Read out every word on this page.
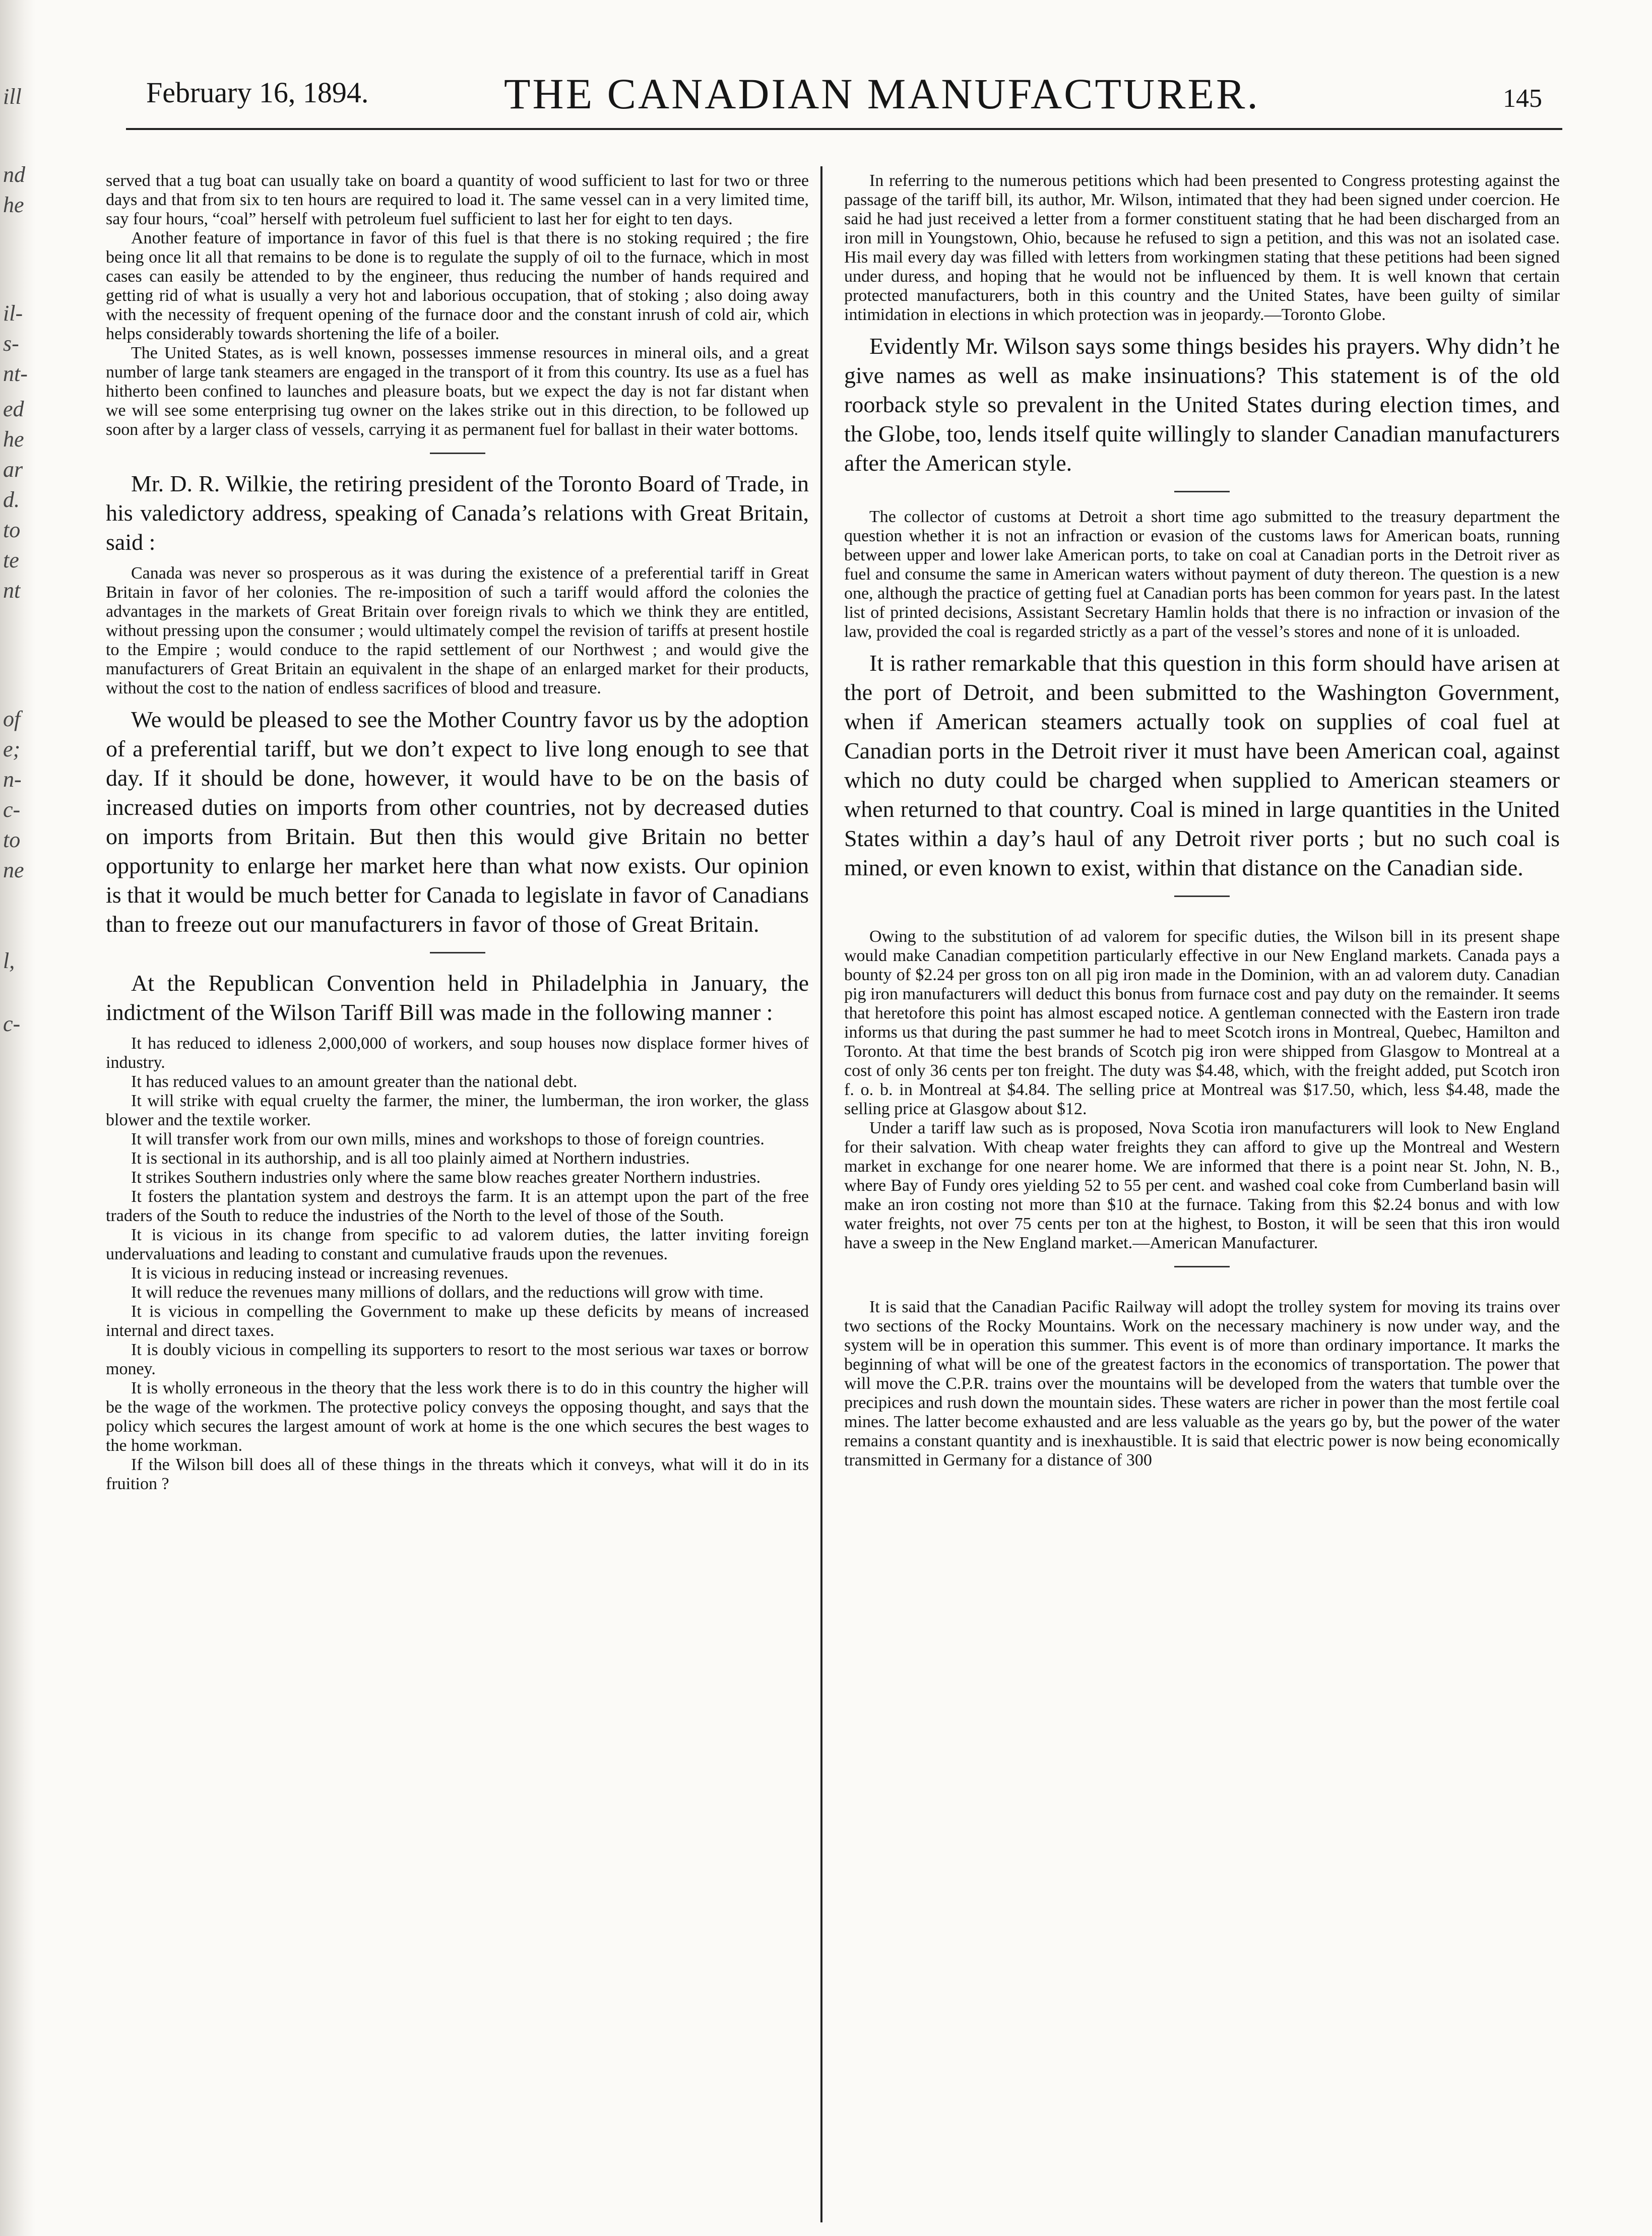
ill
nd
he
il-
s-
nt-
ed
he
ar
d.
to
te
nt
of
e;
n-
c-
to
ne
l,
c-
February 16, 1894.	THE CANADIAN MANUFACTURER.	145

served that a tug boat can usually take on board a quantity of wood sufficient to last for two or three days and that from six to ten hours are required to load it. The same vessel can in a very limited time, say four hours, “coal” herself with petroleum fuel sufficient to last her for eight to ten days.

Another feature of importance in favor of this fuel is that there is no stoking required ; the fire being once lit all that remains to be done is to regulate the supply of oil to the furnace, which in most cases can easily be attended to by the engineer, thus reducing the number of hands required and getting rid of what is usually a very hot and laborious occupation, that of stoking ; also doing away with the necessity of frequent opening of the furnace door and the constant inrush of cold air, which helps considerably towards shortening the life of a boiler.

The United States, as is well known, possesses immense resources in mineral oils, and a great number of large tank steamers are engaged in the transport of it from this country. Its use as a fuel has hitherto been confined to launches and pleasure boats, but we expect the day is not far distant when we will see some enterprising tug owner on the lakes strike out in this direction, to be followed up soon after by a larger class of vessels, carrying it as permanent fuel for ballast in their water bottoms.

Mr. D. R. Wilkie, the retiring president of the Toronto Board of Trade, in his valedictory address, speaking of Canada’s relations with Great Britain, said :

Canada was never so prosperous as it was during the existence of a preferential tariff in Great Britain in favor of her colonies. The re-imposition of such a tariff would afford the colonies the advantages in the markets of Great Britain over foreign rivals to which we think they are entitled, without pressing upon the consumer ; would ultimately compel the revision of tariffs at present hostile to the Empire ; would conduce to the rapid settlement of our Northwest ; and would give the manufacturers of Great Britain an equivalent in the shape of an enlarged market for their products, without the cost to the nation of endless sacrifices of blood and treasure.

We would be pleased to see the Mother Country favor us by the adoption of a preferential tariff, but we don’t expect to live long enough to see that day. If it should be done, however, it would have to be on the basis of increased duties on imports from other countries, not by decreased duties on imports from Britain. But then this would give Britain no better opportunity to enlarge her market here than what now exists. Our opinion is that it would be much better for Canada to legislate in favor of Canadians than to freeze out our manufacturers in favor of those of Great Britain.

At the Republican Convention held in Philadelphia in January, the indictment of the Wilson Tariff Bill was made in the following manner :

It has reduced to idleness 2,000,000 of workers, and soup houses now displace former hives of industry.

It has reduced values to an amount greater than the national debt.

It will strike with equal cruelty the farmer, the miner, the lumberman, the iron worker, the glass blower and the textile worker.

It will transfer work from our own mills, mines and workshops to those of foreign countries.

It is sectional in its authorship, and is all too plainly aimed at Northern industries.

It strikes Southern industries only where the same blow reaches greater Northern industries.

It fosters the plantation system and destroys the farm. It is an attempt upon the part of the free traders of the South to reduce the industries of the North to the level of those of the South.

It is vicious in its change from specific to ad valorem duties, the latter inviting foreign undervaluations and leading to constant and cumulative frauds upon the revenues.

It is vicious in reducing instead or increasing revenues.

It will reduce the revenues many millions of dollars, and the reductions will grow with time.

It is vicious in compelling the Government to make up these deficits by means of increased internal and direct taxes.

It is doubly vicious in compelling its supporters to resort to the most serious war taxes or borrow money.

It is wholly erroneous in the theory that the less work there is to do in this country the higher will be the wage of the workmen. The protective policy conveys the opposing thought, and says that the policy which secures the largest amount of work at home is the one which secures the best wages to the home workman.

If the Wilson bill does all of these things in the threats which it conveys, what will it do in its fruition ?

In referring to the numerous petitions which had been presented to Congress protesting against the passage of the tariff bill, its author, Mr. Wilson, intimated that they had been signed under coercion. He said he had just received a letter from a former constituent stating that he had been discharged from an iron mill in Youngstown, Ohio, because he refused to sign a petition, and this was not an isolated case. His mail every day was filled with letters from workingmen stating that these petitions had been signed under duress, and hoping that he would not be influenced by them. It is well known that certain protected manufacturers, both in this country and the United States, have been guilty of similar intimidation in elections in which protection was in jeopardy.—Toronto Globe.

Evidently Mr. Wilson says some things besides his prayers. Why didn’t he give names as well as make insinuations? This statement is of the old roorback style so prevalent in the United States during election times, and the Globe, too, lends itself quite willingly to slander Canadian manufacturers after the American style.

The collector of customs at Detroit a short time ago submitted to the treasury department the question whether it is not an infraction or evasion of the customs laws for American boats, running between upper and lower lake American ports, to take on coal at Canadian ports in the Detroit river as fuel and consume the same in American waters without payment of duty thereon. The question is a new one, although the practice of getting fuel at Canadian ports has been common for years past. In the latest list of printed decisions, Assistant Secretary Hamlin holds that there is no infraction or invasion of the law, provided the coal is regarded strictly as a part of the vessel’s stores and none of it is unloaded.

It is rather remarkable that this question in this form should have arisen at the port of Detroit, and been submitted to the Washington Government, when if American steamers actually took on supplies of coal fuel at Canadian ports in the Detroit river it must have been American coal, against which no duty could be charged when supplied to American steamers or when returned to that country. Coal is mined in large quantities in the United States within a day’s haul of any Detroit river ports ; but no such coal is mined, or even known to exist, within that distance on the Canadian side.

Owing to the substitution of ad valorem for specific duties, the Wilson bill in its present shape would make Canadian competition particularly effective in our New England markets. Canada pays a bounty of $2.24 per gross ton on all pig iron made in the Dominion, with an ad valorem duty. Canadian pig iron manufacturers will deduct this bonus from furnace cost and pay duty on the remainder. It seems that heretofore this point has almost escaped notice. A gentleman connected with the Eastern iron trade informs us that during the past summer he had to meet Scotch irons in Montreal, Quebec, Hamilton and Toronto. At that time the best brands of Scotch pig iron were shipped from Glasgow to Montreal at a cost of only 36 cents per ton freight. The duty was $4.48, which, with the freight added, put Scotch iron f. o. b. in Montreal at $4.84. The selling price at Montreal was $17.50, which, less $4.48, made the selling price at Glasgow about $12.

Under a tariff law such as is proposed, Nova Scotia iron manufacturers will look to New England for their salvation. With cheap water freights they can afford to give up the Montreal and Western market in exchange for one nearer home. We are informed that there is a point near St. John, N. B., where Bay of Fundy ores yielding 52 to 55 per cent. and washed coal coke from Cumberland basin will make an iron costing not more than $10 at the furnace. Taking from this $2.24 bonus and with low water freights, not over 75 cents per ton at the highest, to Boston, it will be seen that this iron would have a sweep in the New England market.—American Manufacturer.

It is said that the Canadian Pacific Railway will adopt the trolley system for moving its trains over two sections of the Rocky Mountains. Work on the necessary machinery is now under way, and the system will be in operation this summer. This event is of more than ordinary importance. It marks the beginning of what will be one of the greatest factors in the economics of transportation. The power that will move the C.P.R. trains over the mountains will be developed from the waters that tumble over the precipices and rush down the mountain sides. These waters are richer in power than the most fertile coal mines. The latter become exhausted and are less valuable as the years go by, but the power of the water remains a constant quantity and is inexhaustible. It is said that electric power is now being economically transmitted in Germany for a distance of 300
